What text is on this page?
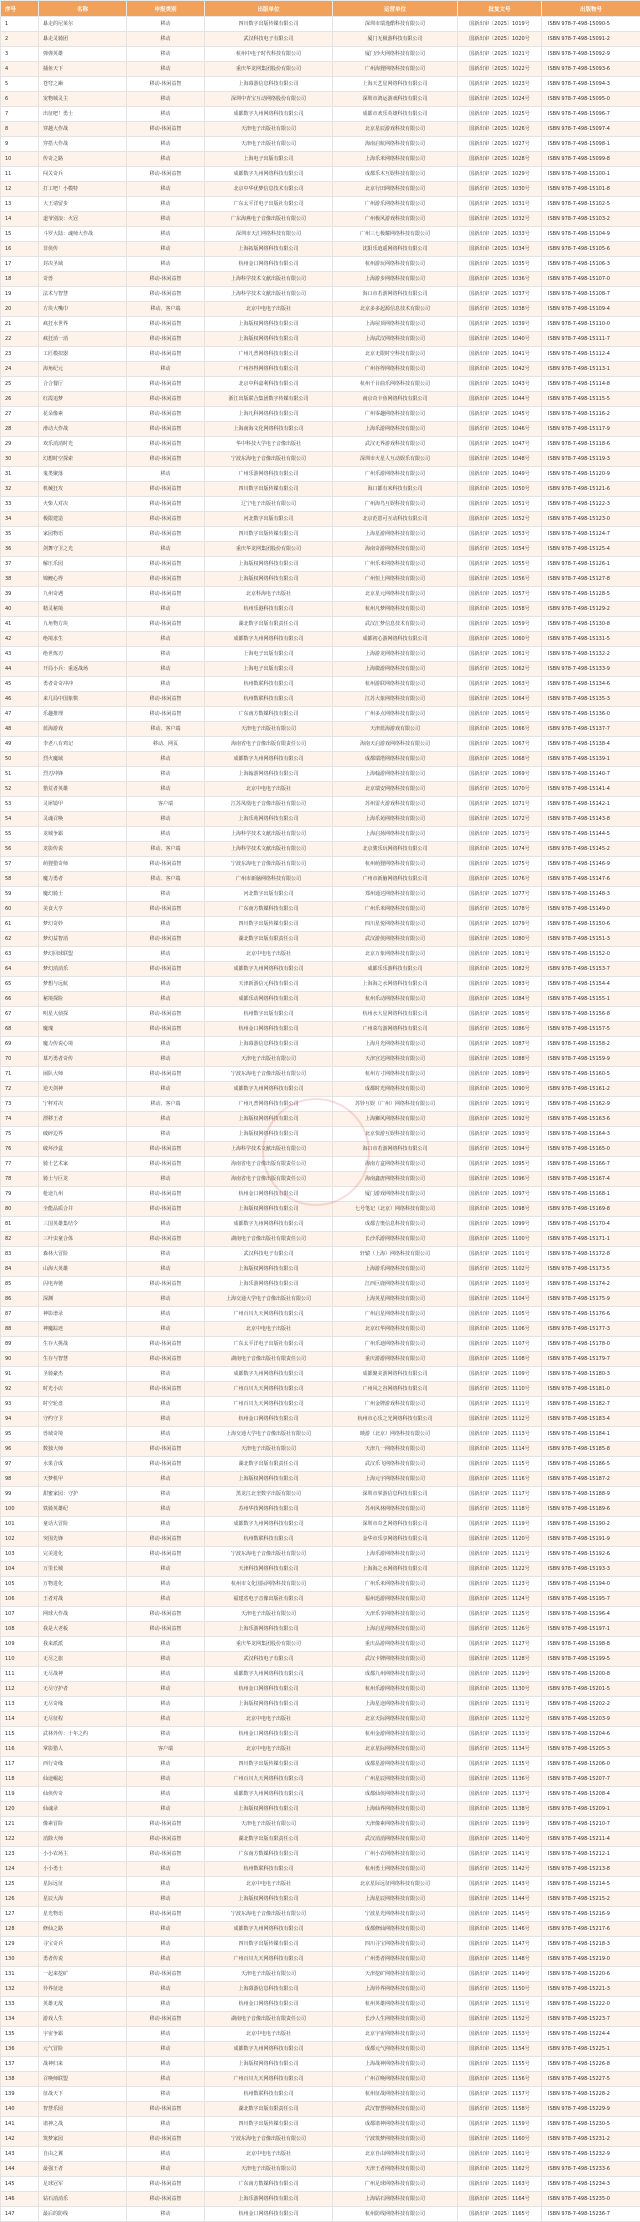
序号	名称	申报类别	出版单位	运营单位	批复文号	出版物号
1	暴走的尼莱尔	移动	四川数字出版传媒有限公司	深圳市瑞逸酷科技有限公司	国新出审〔2025〕1019号	ISBN 978-7-498-15090-5
2	暴走灵骑团	移动	武汉科技电子有限公司	厦门无极游科技有限公司	国新出审〔2025〕1020号	ISBN 978-7-498-15091-2
3	弹弹英雄	移动	杭州中电子时代科技有限公司	厦门沙火网络科技有限公司	国新出审〔2025〕1021号	ISBN 978-7-498-15092-9
4	捕鱼天下	移动	重庆华龙网集团股份有限公司	广州海狸网络科技有限公司	国新出审〔2025〕1022号	ISBN 978-7-498-15093-6
5	苍穹之巅	移动-休闲益智	上海幕游信息科技有限公司	上海天艺星网络科技有限公司	国新出审〔2025〕1023号	ISBN 978-7-498-15094-3
6	宠物城灵主	移动	深圳中青宝互动网络股份有限公司	深圳市鸿运游戏科技有限公司	国新出审〔2025〕1024号	ISBN 978-7-498-15095-0
7	出征吧！勇士	移动	成都数字九州网络科技有限公司	成都市欢乐英雄科技有限公司	国新出审〔2025〕1025号	ISBN 978-7-498-15096-7
8	穿越大作战	移动-休闲益智	天津电子出版社有限公司	北京星辰游戏科技有限公司	国新出审〔2025〕1026号	ISBN 978-7-498-15097-4
9	穿搭大作战	移动	天津电子出版社有限公司	海南启航网络科技有限公司	国新出审〔2025〕1027号	ISBN 978-7-498-15098-1
10	传奇之路	移动	上海电子出版有限公司	上海乐米网络科技有限公司	国新出审〔2025〕1028号	ISBN 978-7-498-15099-8
11	闯关奇兵	移动-休闲益智	成都数字九州网络科技有限公司	成都乐木互娱科技有限公司	国新出审〔2025〕1029号	ISBN 978-7-498-15100-1
12	打工吧！小模特	移动	北京中华优梦信息技术有限公司	北京行田网络科技有限公司	国新出审〔2025〕1030号	ISBN 978-7-498-15101-8
13	大王请留步	移动	广东太平洋电子出版社有限公司	广州游乐网络科技有限公司	国新出审〔2025〕1031号	ISBN 978-7-498-15102-5
14	道爷别浪：火冠	移动	广东海燕电子音像出版社有限公司	广州极风游戏科技有限公司	国新出审〔2025〕1032号	ISBN 978-7-498-15103-2
15	斗罗大陆：魂师大作战	移动	深圳市天汇网络科技有限公司	广州三七极耀网络科技有限公司	国新出审〔2025〕1033号	ISBN 978-7-498-15104-9
16	非侠传	移动	上海拓版网络科技有限公司	沈阳乐逍遥网络科技有限公司	国新出审〔2025〕1034号	ISBN 978-7-498-15105-6
17	封决圣域	移动	杭州金口网络科技有限公司	杭州游玩网络科技有限公司	国新出审〔2025〕1035号	ISBN 978-7-498-15106-3
18	奇兽	移动-休闲益智	上海科学技术文献出版社有限公司	上海游步网络科技有限公司	国新出审〔2025〕1036号	ISBN 978-7-498-15107-0
19	法术与智慧	移动-休闲益智	上海科学技术文献出版社有限公司	海口市若游网络科技有限公司	国新出审〔2025〕1037号	ISBN 978-7-498-15108-7
20	方块大嘴巾	移动、客户端	北京中电电子出版社	北京多多起源信息技术有限公司	国新出审〔2025〕1038号	ISBN 978-7-498-15109-4
21	疯狂水世界	移动-休闲益智	上海版权网络科技有限公司	上海屋顶网络科技有限公司	国新出审〔2025〕1039号	ISBN 978-7-498-15110-0
22	疯狂消一消	移动-休闲益智	上海版权网络科技有限公司	上海武汉网络科技有限公司	国新出审〔2025〕1040号	ISBN 978-7-498-15111-7
23	工匠模拟器	移动-休闲益智	广州凡普网络科技有限公司	北京无限时空科技有限公司	国新出审〔2025〕1041号	ISBN 978-7-498-15112-4
24	海角纪元	移动	广州谷得网络科技有限公司	广州谷得网络科技有限公司	国新出审〔2025〕1042号	ISBN 978-7-498-15113-1
25	合合餐厅	移动-休闲益智	北京中科嘉利科技有限公司	杭州千目曲乐网络科技有限公司	国新出审〔2025〕1043号	ISBN 978-7-498-15114-8
26	红霞追梦	移动-休闲益智	浙江出版联合集团数字传媒有限公司	南京奇卡鱼网络科技有限公司	国新出审〔2025〕1044号	ISBN 978-7-498-15115-5
27	花朵像素	移动-休闲益智	上海凡科网络科技有限公司	广州零趣网络科技有限公司	国新出审〔2025〕1045号	ISBN 978-7-498-15116-2
28	滑动大作战	移动-休闲益智	上海南海文化网络科技有限公司	上海乐游网络科技有限公司	国新出审〔2025〕1046号	ISBN 978-7-498-15117-9
29	欢乐消消时光	移动-休闲益智	华中科技大学电子音像出版社	武汉无界游戏科技有限公司	国新出审〔2025〕1047号	ISBN 978-7-498-15118-6
30	幻想时空探索	移动-休闲益智	宁波东海电子音像出版社有限公司	深圳市火星人互动娱乐有限公司	国新出审〔2025〕1048号	ISBN 978-7-498-15119-3
31	鬼类聚落	移动	广州乐游网络科技有限公司	广州乐游网络科技有限公司	国新出审〔2025〕1049号	ISBN 978-7-498-15120-9
32	机械狂攻	移动-休闲益智	四川数字出版传媒有限公司	海口都有米科技有限公司	国新出审〔2025〕1050号	ISBN 978-7-498-15121-6
33	火柴人对决	移动-休闲益智	辽宁电子出版社有限公司	广州海鸟互娱科技有限公司	国新出审〔2025〕1051号	ISBN 978-7-498-15122-3
34	极限建造	移动-休闲益智	河北数字出版有限公司	北京范恩可互动科技有限公司	国新出审〔2025〕1052号	ISBN 978-7-498-15123-0
35	家园物语	移动-休闲益智	四川数字出版传媒有限公司	上海星游网络科技有限公司	国新出审〔2025〕1053号	ISBN 978-7-498-15124-7
36	剑舞守卫之光	移动	重庆华龙网集团股份有限公司	海南奇游网络科技有限公司	国新出审〔2025〕1054号	ISBN 978-7-498-15125-4
37	解压乐园	移动-休闲益智	上海版权网络科技有限公司	广州乐米网络科技有限公司	国新出审〔2025〕1055号	ISBN 978-7-498-15126-1
38	锦鲤心得	移动-休闲益智	上海版权网络科技有限公司	广州恒上网络科技有限公司	国新出审〔2025〕1056号	ISBN 978-7-498-15127-8
39	九州奇遇	移动-休闲益智	北京科海电子出版社	北京星元网络科技有限公司	国新出审〔2025〕1057号	ISBN 978-7-498-15128-5
40	精灵秘境	移动	杭州乐港科技有限公司	杭州凡梦网络科技有限公司	国新出审〔2025〕1058号	ISBN 978-7-498-15129-2
41	九角物方块	移动-休闲益智	湖北数字出版有限责任公司	武汉汇梦信息技术有限公司	国新出审〔2025〕1059号	ISBN 978-7-498-15130-8
42	绝境求生	移动	成都数字九州网络科技有限公司	成都初心游网络科技有限公司	国新出审〔2025〕1060号	ISBN 978-7-498-15131-5
43	绝世炼刃	移动	上海电子出版有限公司	上海游龙网络科技有限公司	国新出审〔2025〕1061号	ISBN 978-7-498-15132-2
44	开局小兵：重返战场	移动	上海电子出版有限公司	上海微游网络科技有限公司	国新出审〔2025〕1062号	ISBN 978-7-498-15133-9
45	勇者奇奇冲冲	移动	杭州数联科技有限公司	杭州游联网络科技有限公司	国新出审〔2025〕1063号	ISBN 978-7-498-15134-6
46	来几局中国象棋	移动-休闲益智	杭州数联科技有限公司	江苏大象网络科技有限公司	国新出审〔2025〕1064号	ISBN 978-7-498-15135-3
47	乐趣推理	移动-休闲益智	广东南方数媒科技有限公司	广州多点网络科技有限公司	国新出审〔2025〕1065号	ISBN 978-7-498-15136-0
48	蓝海游戏	移动、客户端	天津电子出版社有限公司	天津蓝海游戏有限公司	国新出审〔2025〕1066号	ISBN 978-7-498-15137-7
49	李老八有鸡记	移动、网页	海南省电子音像出版有限责任公司	海南天启游戏网络科技有限公司	国新出审〔2025〕1067号	ISBN 978-7-498-15138-4
50	烈火魔域	移动	成都数字九州网络科技有限公司	成都瑞塔网络科技有限公司	国新出审〔2025〕1068号	ISBN 978-7-498-15139-1
51	烈刃冲锋	移动	上海翰游网络科技有限公司	上海翰游网络科技有限公司	国新出审〔2025〕1069号	ISBN 978-7-498-15140-7
52	猎荒者英雄	移动	北京中电电子出版社	北京瑞安网络科技有限公司	国新出审〔2025〕1070号	ISBN 978-7-498-15141-4
53	灵犀镜甲	客户端	江苏凤凰电子音像出版社有限公司	苏州雷火游戏科技有限公司	国新出审〔2025〕1071号	ISBN 978-7-498-15142-1
54	灵魂召唤	移动	上海乐苑网络科技有限公司	上海乐苑网络科技有限公司	国新出审〔2025〕1072号	ISBN 978-7-498-15143-8
55	龙城争霸	移动	上海科学技术文献出版社有限公司	上海启扬网络科技有限公司	国新出审〔2025〕1073号	ISBN 978-7-498-15144-5
56	龙影传说	移动、客户端	上海科学技术文献出版社有限公司	北京骏乐玩网络科技有限公司	国新出审〔2025〕1074号	ISBN 978-7-498-15145-2
57	萌狸猎奇师	移动-休闲益智	宁波东海电子音像出版社有限公司	杭州萌狸网络科技有限公司	国新出审〔2025〕1075号	ISBN 978-7-498-15146-9
58	魔力勇者	移动、客户端	广州市新脑网络科技有限公司	广州市新脑网络科技有限公司	国新出审〔2025〕1076号	ISBN 978-7-498-15147-6
59	魔幻骑士	移动	河北数字出版有限公司	郑州通达网络科技有限公司	国新出审〔2025〕1077号	ISBN 978-7-498-15148-3
60	美食大亨	移动-休闲益智	广东南方数媒科技有限公司	广州乐米网络科技有限公司	国新出审〔2025〕1078号	ISBN 978-7-498-15149-0
61	梦幻奇妙	移动	四川数字出版传媒有限公司	四川星悦网络科技有限公司	国新出审〔2025〕1079号	ISBN 978-7-498-15150-6
62	梦幻益智消	移动-休闲益智	湖北数字出版有限责任公司	武汉游侠网络科技有限公司	国新出审〔2025〕1080号	ISBN 978-7-498-15151-3
63	梦幻回球联盟	移动	北京中电电子出版社	北京万象网络科技有限公司	国新出审〔2025〕1081号	ISBN 978-7-498-15152-0
64	梦幻消消乐	移动-休闲益智	成都数字九州网络科技有限公司	成都乐乐游科技有限公司	国新出审〔2025〕1082号	ISBN 978-7-498-15153-7
65	梦想与远航	移动	天津新游信元科技有限公司	上海海之水网络科技有限公司	国新出审〔2025〕1083号	ISBN 978-7-498-15154-4
66	秘境探险	移动	成都乐动网络科技有限公司	杭州乐动网络科技有限公司	国新出审〔2025〕1084号	ISBN 978-7-498-15155-1
67	明星大侦探	移动-休闲益智	杭州数字出版有限公司	杭州水大星网络科技有限公司	国新出审〔2025〕1085号	ISBN 978-7-498-15156-8
68	魔瑰	移动-休闲益智	杭州金口网络科技有限公司	广州菜鸟游网络科技有限公司	国新出审〔2025〕1086号	ISBN 978-7-498-15157-5
69	魔力传说心境	移动	上海幕游信息科技有限公司	上海月光网络科技有限公司	国新出审〔2025〕1087号	ISBN 978-7-498-15158-2
70	慕巧勇者奇传	移动	天津电子出版社有限公司	天津宫达网络科技有限公司	国新出审〔2025〕1088号	ISBN 978-7-498-15159-9
71	闹队大师	移动-休闲益智	宁波东海电子音像出版社有限公司	杭州方寸网络科技有限公司	国新出审〔2025〕1089号	ISBN 978-7-498-15160-5
72	逆天剑神	移动	成都数字九州网络科技有限公司	成都时光网络科技有限公司	国新出审〔2025〕1090号	ISBN 978-7-498-15161-2
73	宁秤对决	移动、客户端	广州凡普网络科技有限公司	苏钞互娱（广州）网络科技有限公司	国新出审〔2025〕1091号	ISBN 978-7-498-15162-9
74	漂移王者	移动	上海版权网络科技有限公司	上海狮风网络科技有限公司	国新出审〔2025〕1092号	ISBN 978-7-498-15163-6
75	破碎边界	移动	上海版权网络科技有限公司	北京快游互娱科技有限公司	国新出审〔2025〕1093号	ISBN 978-7-498-15164-3
76	破坏沙盒	移动-休闲益智	上海科学技术文献出版社有限公司	海口市若游网络科技有限公司	国新出审〔2025〕1094号	ISBN 978-7-498-15165-0
77	骑士艺术家	移动-休闲益智	海南省电子音像出版有限责任公司	海南方盒网络科技有限公司	国新出审〔2025〕1095号	ISBN 978-7-498-15166-7
78	骑士与巨龙	移动	海南省电子音像出版有限责任公司	海南鑫唐网络科技有限公司	国新出审〔2025〕1096号	ISBN 978-7-498-15167-4
79	枪途九州	移动-休闲益智	杭州金口网络科技有限公司	厦门游戏网络科技有限公司	国新出审〔2025〕1097号	ISBN 978-7-498-15168-1
80	全能品质合并	移动-休闲益智	上海版权网络科技有限公司	七号笔记（北京）网络科技有限公司	国新出审〔2025〕1098号	ISBN 978-7-498-15169-8
81	三国英雄集结令	移动	成都数字九州网络科技有限公司	成都吉奥信息科技有限公司	国新出审〔2025〕1099号	ISBN 978-7-498-15170-4
82	三叶虫童合体	移动-休闲益智	湖南电子音像出版社有限责任公司	长沙乐游网络科技有限公司	国新出审〔2025〕1100号	ISBN 978-7-498-15171-1
83	森林大冒险	移动	武汉科技电子有限公司	轩辕（上海）网络科技有限公司	国新出审〔2025〕1101号	ISBN 978-7-498-15172-8
84	山海大英雄	移动	上海版权网络科技有限公司	上海游乐网络科技有限公司	国新出审〔2025〕1102号	ISBN 978-7-498-15173-5
85	闪电奔驰	移动-休闲益智	上海乐游网络科技有限公司	江西巨鹿网络科技有限公司	国新出审〔2025〕1103号	ISBN 978-7-498-15174-2
86	深渊	移动	上海交通大学电子音像出版社有限公司	上海英星网络科技有限公司	国新出审〔2025〕1104号	ISBN 978-7-498-15175-9
87	神影谱录	移动	广州百川九天网络科技有限公司	广州启星网络科技有限公司	国新出审〔2025〕1105号	ISBN 978-7-498-15176-6
88	神魔踪迹	移动	北京中电电子出版社	北京红华网络科技有限公司	国新出审〔2025〕1106号	ISBN 978-7-498-15177-3
89	生存大挑战	移动-休闲益智	广东太平洋电子出版社有限公司	广州乐迪网络科技有限公司	国新出审〔2025〕1107号	ISBN 978-7-498-15178-0
90	生存与智慧	移动-休闲益智	湖南电子音像出版社有限责任公司	重庆游游网络科技有限公司	国新出审〔2025〕1108号	ISBN 978-7-498-15179-7
91	圣骑豪杰	移动	成都数字九州网络科技有限公司	成都聚美游网络科技有限公司	国新出审〔2025〕1109号	ISBN 978-7-498-15180-3
92	时光小店	移动-休闲益智	广州百川九天网络科技有限公司	广州风之谷网络科技有限公司	国新出审〔2025〕1110号	ISBN 978-7-498-15181-0
93	时空轮盘	移动	广州百川九天网络科技有限公司	广州金牌游戏科技有限公司	国新出审〔2025〕1111号	ISBN 978-7-498-15182-7
94	守约守卫	移动	杭州金口网络科技有限公司	杭州市心乐之光网络科技有限公司	国新出审〔2025〕1112号	ISBN 978-7-498-15183-4
95	兽域奇境	移动	上海交通大学电子音像出版社有限公司	映游（北京）网络科技有限公司	国新出审〔2025〕1113号	ISBN 978-7-498-15184-1
96	数独大师	移动-休闲益智	天津电子出版社有限公司	天津九一网络科技有限公司	国新出审〔2025〕1114号	ISBN 978-7-498-15185-8
97	水果合成	移动-休闲益智	湖北数字出版有限责任公司	武汉乐飞网络科技有限公司	国新出审〔2025〕1115号	ISBN 978-7-498-15186-5
98	天梦机甲	移动	上海版权网络科技有限公司	上海元宇网络科技有限公司	国新出审〔2025〕1116号	ISBN 978-7-498-15187-2
99	甜蜜家园：守护	移动	黑龙江北奎数字出版有限公司	深圳市掌游信息科技有限公司	国新出审〔2025〕1117号	ISBN 978-7-498-15188-9
100	铁骑英雄纪	移动	苏州华技网络科技有限公司	苏州风林网络科技有限公司	国新出审〔2025〕1118号	ISBN 978-7-498-15189-6
101	童话大冒险	移动	成都数字九州网络科技有限公司	深圳市奇艺网络科技有限公司	国新出审〔2025〕1119号	ISBN 978-7-498-15190-2
102	突围先锋	移动-休闲益智	杭州数联科技有限公司	金华市乐享网络科技有限公司	国新出审〔2025〕1120号	ISBN 978-7-498-15191-9
103	完美进化	移动-休闲益智	宁波东海电子音像出版社有限公司	上海乐游网络科技有限公司	国新出审〔2025〕1121号	ISBN 978-7-498-15192-6
104	万里长城	移动	天津科技网络科技有限公司	上海海之水网络科技有限公司	国新出审〔2025〕1122号	ISBN 978-7-498-15193-3
105	万物进化	移动	杭州市文化国际网络科技有限公司	广州乐米网络科技有限公司	国新出审〔2025〕1123号	ISBN 978-7-498-15194-0
106	王者对战	移动	福建省电子音像出版社有限公司	福州迅游网络科技有限公司	国新出审〔2025〕1124号	ISBN 978-7-498-15195-7
107	网球大作战	移动-休闲益智	天津电子出版社有限公司	天津乐享网络科技有限公司	国新出审〔2025〕1125号	ISBN 978-7-498-15196-4
108	我是大老板	移动-休闲益智	上海乐游网络科技有限公司	上海启星网络科技有限公司	国新出审〔2025〕1126号	ISBN 978-7-498-15197-1
109	我来派派	移动	重庆华龙网集团股份有限公司	重庆品游网络科技有限公司	国新出审〔2025〕1127号	ISBN 978-7-498-15198-8
110	无尽之旅	移动	武汉科技电子有限公司	武汉卡牌网络科技有限公司	国新出审〔2025〕1128号	ISBN 978-7-498-15199-5
111	无尽战神	移动	成都数字九州网络科技有限公司	成都九州网络科技有限公司	国新出审〔2025〕1129号	ISBN 978-7-498-15200-8
112	无尽守护者	移动	杭州金口网络科技有限公司	杭州乐游网络科技有限公司	国新出审〔2025〕1130号	ISBN 978-7-498-15201-5
113	无尽奇缘	移动	上海版权网络科技有限公司	上海星途网络科技有限公司	国新出审〔2025〕1131号	ISBN 978-7-498-15202-2
114	无尽征程	移动	北京中电电子出版社	北京天际网络科技有限公司	国新出审〔2025〕1132号	ISBN 978-7-498-15203-9
115	武林外传：十年之约	移动	杭州金口网络科技有限公司	杭州金游网络科技有限公司	国新出审〔2025〕1133号	ISBN 978-7-498-15204-6
116	掌影猎人	客户端	北京中电电子出版社	北京星际网络科技有限公司	国新出审〔2025〕1134号	ISBN 978-7-498-15205-3
117	西行奇缘	移动	四川数字出版传媒有限公司	成都星游网络科技有限公司	国新出审〔2025〕1135号	ISBN 978-7-498-15206-0
118	仙途崛起	移动	广州百川九天网络科技有限公司	广州星辰网络科技有限公司	国新出审〔2025〕1136号	ISBN 978-7-498-15207-7
119	仙侠传奇	移动	成都数字九州网络科技有限公司	成都仙侠网络科技有限公司	国新出审〔2025〕1137号	ISBN 978-7-498-15208-4
120	仙魂录	移动	上海版权网络科技有限公司	上海仙界网络科技有限公司	国新出审〔2025〕1138号	ISBN 978-7-498-15209-1
121	像素冒险	移动-休闲益智	天津电子出版社有限公司	天津像素网络科技有限公司	国新出审〔2025〕1139号	ISBN 978-7-498-15210-7
122	消除大师	移动-休闲益智	湖北数字出版有限责任公司	武汉消消网络科技有限公司	国新出审〔2025〕1140号	ISBN 978-7-498-15211-4
123	小小农场主	移动-休闲益智	广东南方数媒科技有限公司	广州小农网络科技有限公司	国新出审〔2025〕1141号	ISBN 978-7-498-15212-1
124	小小勇士	移动	杭州数联科技有限公司	杭州勇士网络科技有限公司	国新出审〔2025〕1142号	ISBN 978-7-498-15213-8
125	星际远征	移动	北京中电电子出版社	北京星际远征网络科技有限公司	国新出审〔2025〕1143号	ISBN 978-7-498-15214-5
126	星辰大海	移动	上海版权网络科技有限公司	上海星辰网络科技有限公司	国新出审〔2025〕1144号	ISBN 978-7-498-15215-2
127	星光物语	移动-休闲益智	宁波东海电子音像出版社有限公司	宁波星光网络科技有限公司	国新出审〔2025〕1145号	ISBN 978-7-498-15216-9
128	修仙之路	移动	成都数字九州网络科技有限公司	成都修仙网络科技有限公司	国新出审〔2025〕1146号	ISBN 978-7-498-15217-6
129	寻宝奇兵	移动	四川数字出版传媒有限公司	四川寻宝网络科技有限公司	国新出审〔2025〕1147号	ISBN 978-7-498-15218-3
130	勇者传说	移动	广州百川九天网络科技有限公司	广州勇者网络科技有限公司	国新出审〔2025〕1148号	ISBN 978-7-498-15219-0
131	一起来挖矿	移动-休闲益智	天津电子出版社有限公司	天津挖矿网络科技有限公司	国新出审〔2025〕1149号	ISBN 978-7-498-15220-6
132	异界征途	移动	上海幕游信息科技有限公司	上海异界网络科技有限公司	国新出审〔2025〕1150号	ISBN 978-7-498-15221-3
133	英雄无敌	移动	杭州金口网络科技有限公司	杭州英雄网络科技有限公司	国新出审〔2025〕1151号	ISBN 978-7-498-15222-0
134	游戏人生	移动-休闲益智	湖南电子音像出版社有限责任公司	长沙人生网络科技有限公司	国新出审〔2025〕1152号	ISBN 978-7-498-15223-7
135	宇宙争霸	移动	北京中电电子出版社	北京宇宙网络科技有限公司	国新出审〔2025〕1153号	ISBN 978-7-498-15224-4
136	元气冒险	移动	成都数字九州网络科技有限公司	成都元气网络科技有限公司	国新出审〔2025〕1154号	ISBN 978-7-498-15225-1
137	战神归来	移动	上海版权网络科技有限公司	上海战神网络科技有限公司	国新出审〔2025〕1155号	ISBN 978-7-498-15226-8
138	召唤师联盟	移动	广州百川九天网络科技有限公司	广州召唤网络科技有限公司	国新出审〔2025〕1156号	ISBN 978-7-498-15227-5
139	征战天下	移动	杭州数联科技有限公司	杭州征战网络科技有限公司	国新出审〔2025〕1157号	ISBN 978-7-498-15228-2
140	智慧乐园	移动-休闲益智	湖北数字出版有限责任公司	武汉智慧网络科技有限公司	国新出审〔2025〕1158号	ISBN 978-7-498-15229-9
141	诸神之战	移动	四川数字出版传媒有限公司	成都诸神网络科技有限公司	国新出审〔2025〕1159号	ISBN 978-7-498-15230-5
142	筑梦家园	移动-休闲益智	宁波东海电子音像出版社有限公司	宁波筑梦网络科技有限公司	国新出审〔2025〕1160号	ISBN 978-7-498-15231-2
143	自由之翼	移动	北京中电电子出版社	北京自由网络科技有限公司	国新出审〔2025〕1161号	ISBN 978-7-498-15232-9
144	最强王者	移动	天津电子出版社有限公司	天津王者网络科技有限公司	国新出审〔2025〕1162号	ISBN 978-7-498-15233-6
145	足球冠军	移动-休闲益智	广东南方数媒科技有限公司	广州足球网络科技有限公司	国新出审〔2025〕1163号	ISBN 978-7-498-15234-3
146	钻石消消乐	移动-休闲益智	上海乐游网络科技有限公司	上海钻石网络科技有限公司	国新出审〔2025〕1164号	ISBN 978-7-498-15235-0
147	最后的防线	移动	杭州金口网络科技有限公司	杭州防线网络科技有限公司	国新出审〔2025〕1165号	ISBN 978-7-498-15236-7
